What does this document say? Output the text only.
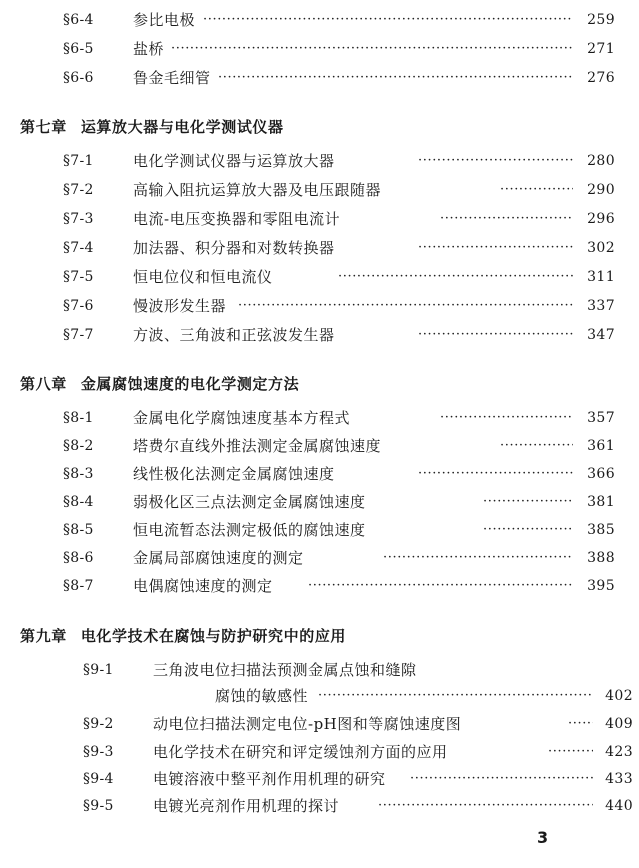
§6-4	参比电极 ·····	259
§6-5	盐桥 ·····	271
§6-6	鲁金毛细管 ·····	276
第七章 运算放大器与电化学测试仪器
§7-1	电化学测试仪器与运算放大器 ·····	280
§7-2	高输入阻抗运算放大器及电压跟随器 ·····	290
§7-3	电流-电压变换器和零阻电流计 ·····	296
§7-4	加法器、积分器和对数转换器 ·····	302
§7-5	恒电位仪和恒电流仪 ·····	311
§7-6	慢波形发生器 ·····	337
§7-7	方波、三角波和正弦波发生器 ·····	347
第八章 金属腐蚀速度的电化学测定方法
§8-1	金属电化学腐蚀速度基本方程式 ·····	357
§8-2	塔费尔直线外推法测定金属腐蚀速度 ·····	361
§8-3	线性极化法测定金属腐蚀速度 ·····	366
§8-4	弱极化区三点法测定金属腐蚀速度 ·····	381
§8-5	恒电流暂态法测定极低的腐蚀速度 ·····	385
§8-6	金属局部腐蚀速度的测定 ·····	388
§8-7	电偶腐蚀速度的测定 ·····	395
第九章 电化学技术在腐蚀与防护研究中的应用
§9-1	三角波电位扫描法预测金属点蚀和缝隙
腐蚀的敏感性 ·····	402
§9-2	动电位扫描法测定电位-pH图和等腐蚀速度图 ·····	409
§9-3	电化学技术在研究和评定缓蚀剂方面的应用 ·····	423
§9-4	电镀溶液中整平剂作用机理的研究 ·····	433
§9-5	电镀光亮剂作用机理的探讨 ·····	440
3
